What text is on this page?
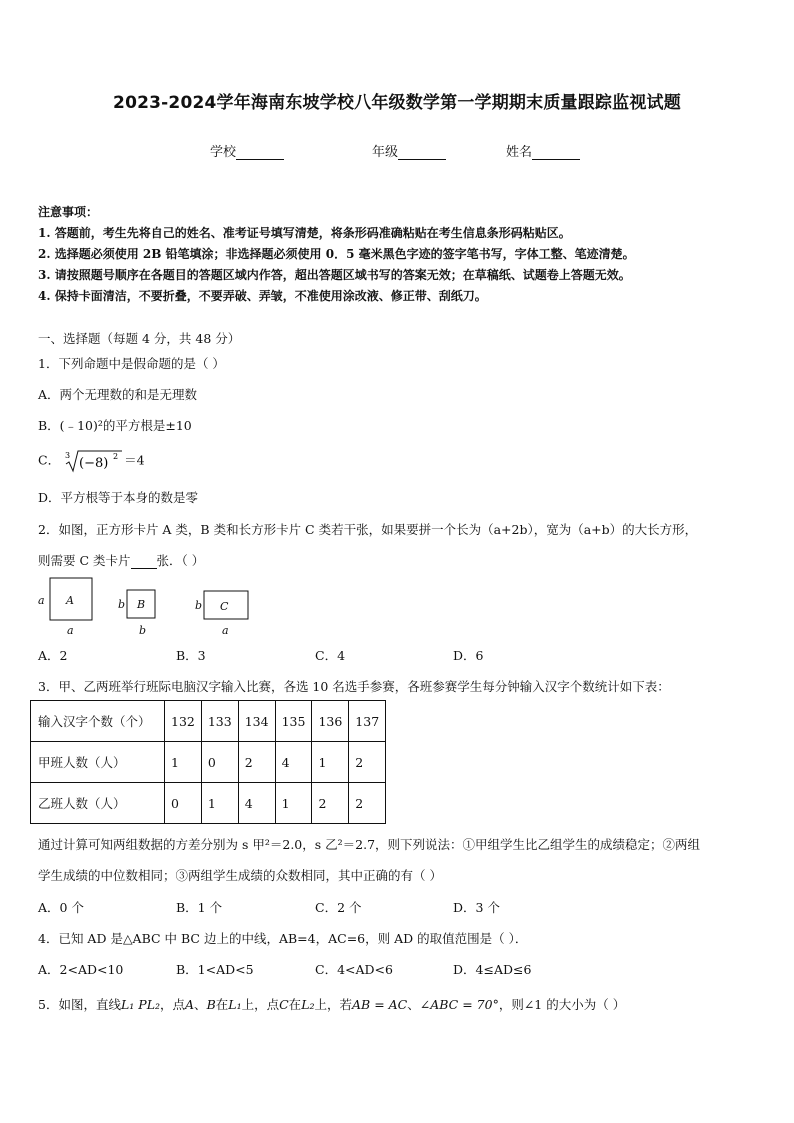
2023-2024学年海南东坡学校八年级数学第一学期期末质量跟踪监视试题
学校	年级	姓名
注意事项：
1. 答题前，考生先将自己的姓名、准考证号填写清楚，将条形码准确粘贴在考生信息条形码粘贴区。
2. 选择题必须使用 2B 铅笔填涂；非选择题必须使用 0．5 毫米黑色字迹的签字笔书写，字体工整、笔迹清楚。
3. 请按照题号顺序在各题目的答题区域内作答，超出答题区域书写的答案无效；在草稿纸、试题卷上答题无效。
4. 保持卡面清洁，不要折叠，不要弄破、弄皱，不准使用涂改液、修正带、刮纸刀。
一、选择题（每题 4 分，共 48 分）
1．下列命题中是假命题的是（ ）
A．两个无理数的和是无理数
B．(﹣10)²的平方根是±10
C． 3
(−8) 2 ＝4
D．平方根等于本身的数是零
2．如图，正方形卡片 A 类，B 类和长方形卡片 C 类若干张，如果要拼一个长为（a+2b），宽为（a+b）的大长方形，
则需要 C 类卡片 张．（ ）
A
a
a
B
b
b
C
b
a
A．2	B．3	C．4	D．6
3．甲、乙两班举行班际电脑汉字输入比赛，各选 10 名选手参赛，各班参赛学生每分钟输入汉字个数统计如下表：
输入汉字个数（个）	132	133	134	135	136	137
甲班人数（人）	1	0	2	4	1	2
乙班人数（人）	0	1	4	1	2	2
通过计算可知两组数据的方差分别为 s 甲²＝2.0，s 乙²＝2.7，则下列说法：①甲组学生比乙组学生的成绩稳定；②两组
学生成绩的中位数相同；③两组学生成绩的众数相同，其中正确的有（ ）
A．0 个	B．1 个	C．2 个	D．3 个
4．已知 AD 是△ABC 中 BC 边上的中线，AB=4，AC=6，则 AD 的取值范围是（ ）．
A．2<AD<10	B．1<AD<5	C．4<AD<6	D．4≤AD≤6
5．如图，直线L₁ PL₂，点A、B在L₁上，点C在L₂上，若AB = AC、∠ABC = 70°，则∠1 的大小为（ ）
